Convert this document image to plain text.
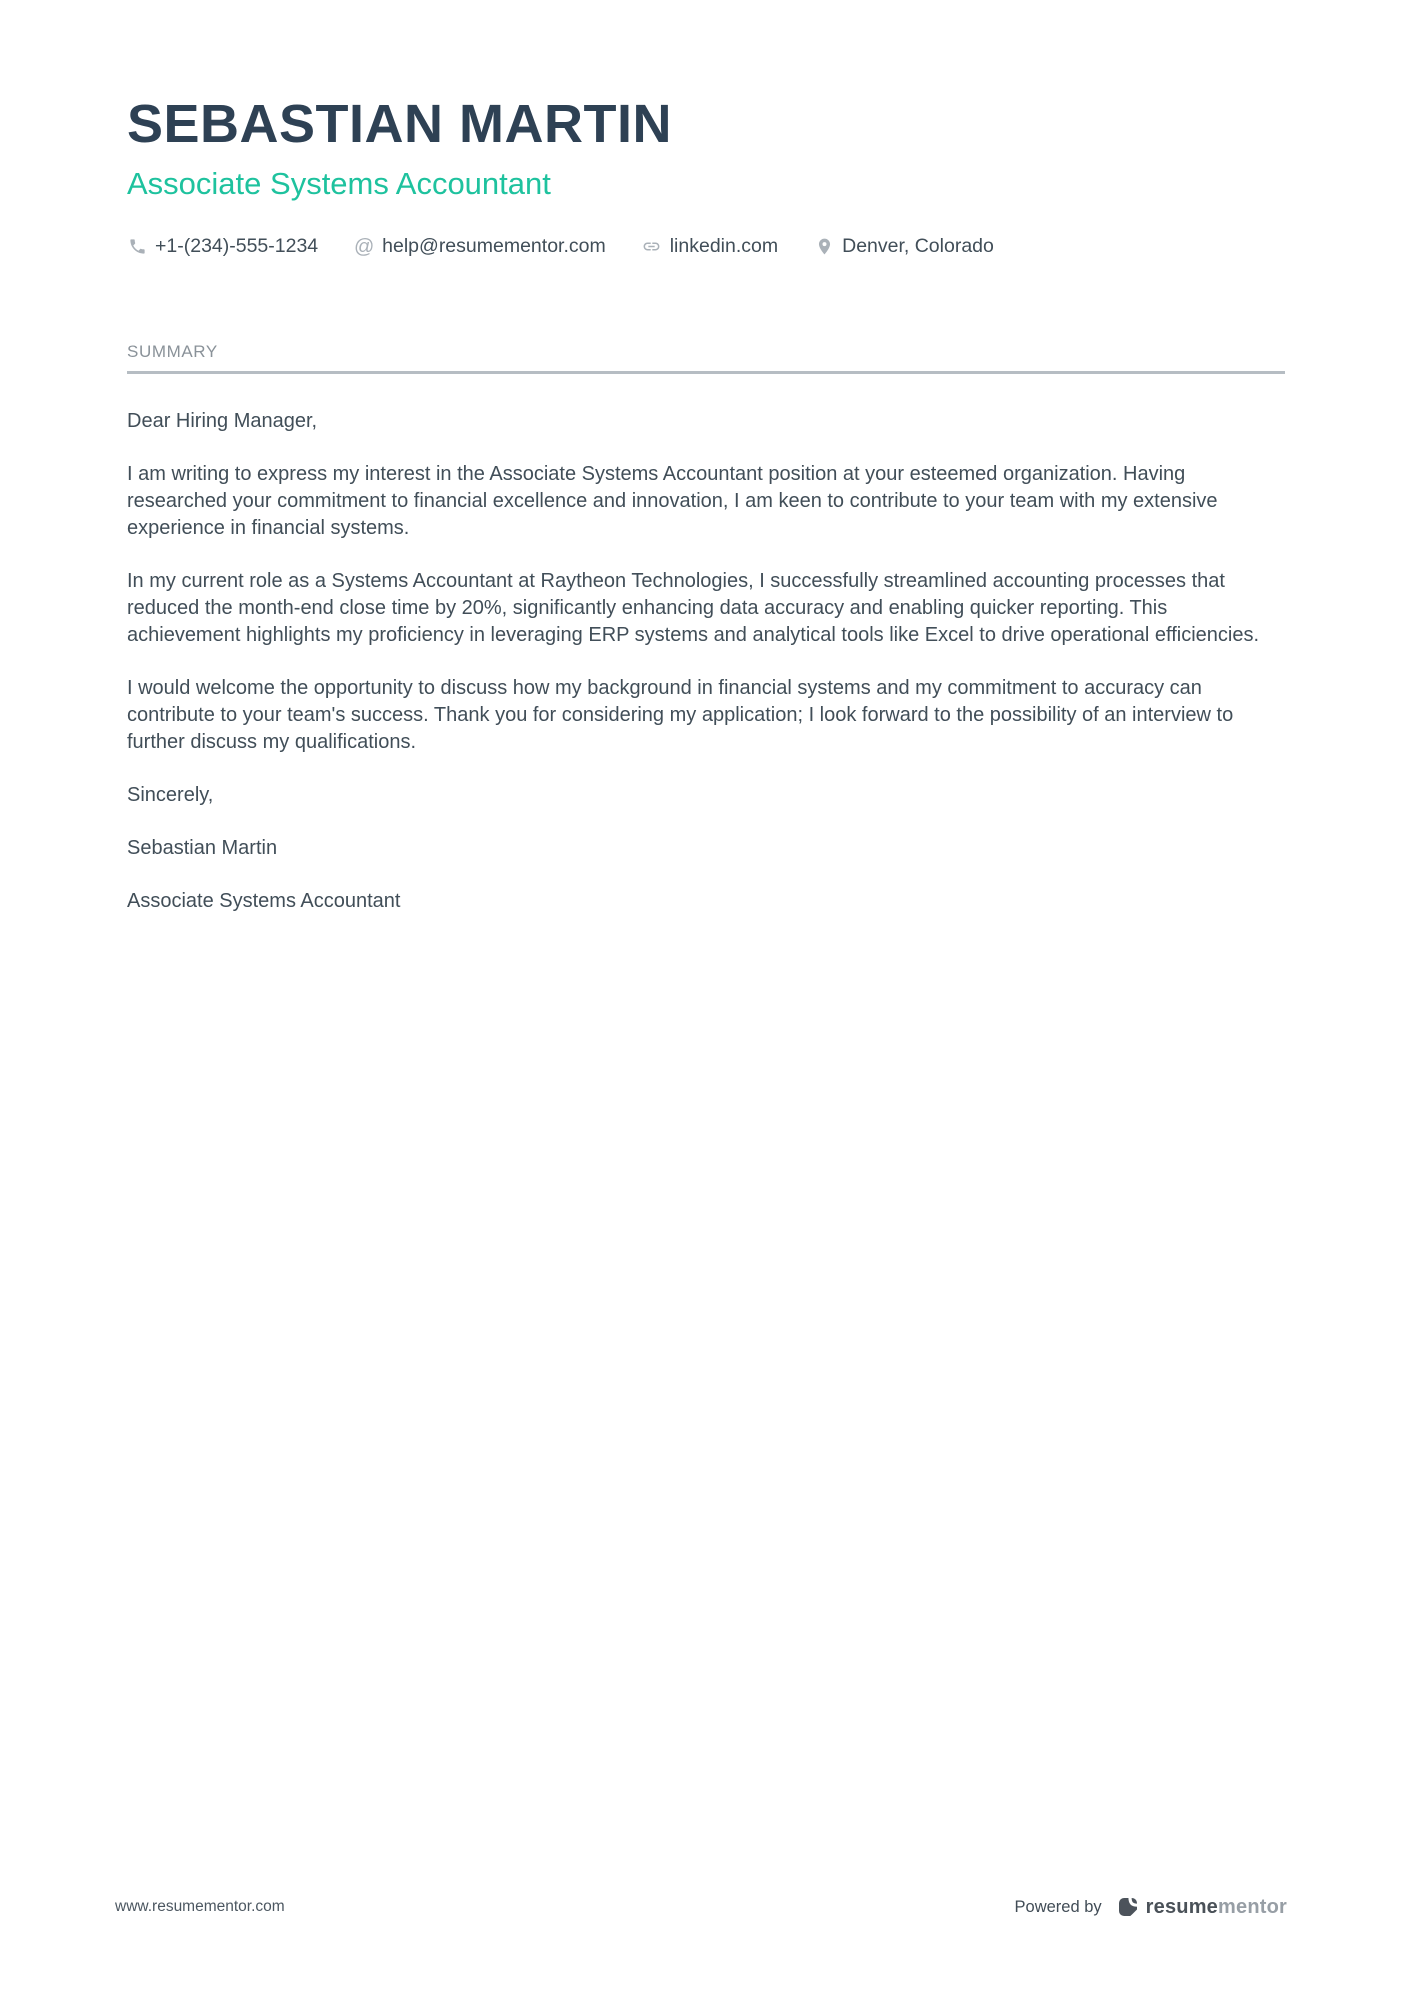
SEBASTIAN MARTIN
Associate Systems Accountant
+1-(234)-555-1234 @ help@resumementor.com	linkedin.com	Denver, Colorado
SUMMARY

Dear Hiring Manager,

I am writing to express my interest in the Associate Systems Accountant position at your esteemed organization. Having researched your commitment to financial excellence and innovation, I am keen to contribute to your team with my extensive experience in financial systems.

In my current role as a Systems Accountant at Raytheon Technologies, I successfully streamlined accounting processes that reduced the month-end close time by 20%, significantly enhancing data accuracy and enabling quicker reporting. This achievement highlights my proficiency in leveraging ERP systems and analytical tools like Excel to drive operational efficiencies.

I would welcome the opportunity to discuss how my background in financial systems and my commitment to accuracy can contribute to your team's success. Thank you for considering my application; I look forward to the possibility of an interview to further discuss my qualifications.

Sincerely,

Sebastian Martin

Associate Systems Accountant

www.resumementor.com	Powered by resumementor
